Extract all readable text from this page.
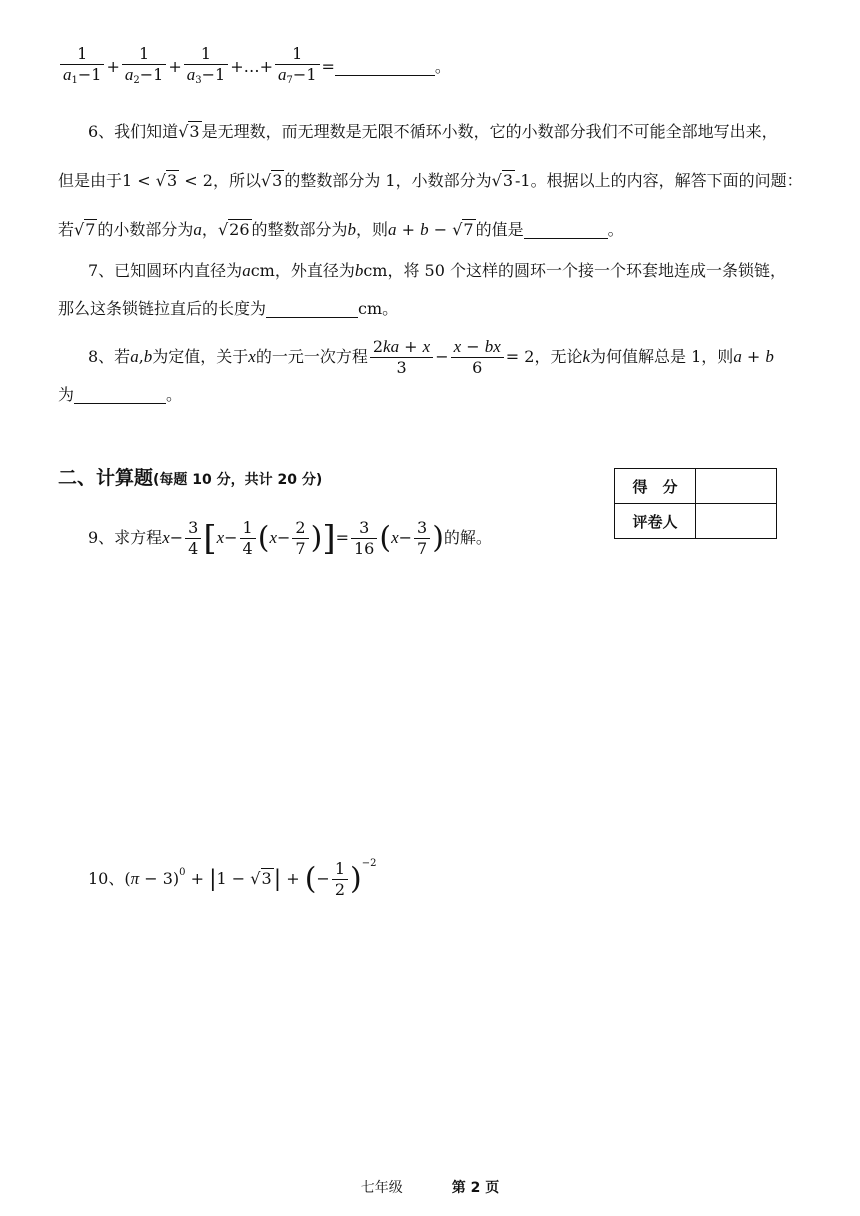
$\frac{1}{a_1-1} + \frac{1}{a_2-1} + \frac{1}{a_3-1}$ +…+ $\frac{1}{a_7-1}$ =	。
6、我们知道√3 是无理数，而无理数是无限不循环小数，它的小数部分我们不可能全部地写出来，
但是由于1 < √3 < 2，所以√3 的整数部分为 1，小数部分为√3 -1。根据以上的内容，解答下面的问题：
若√7 的小数部分为a，√26 的整数部分为b，则a + b − √7 的值是	。
7、已知圆环内直径为acm，外直径为bcm，将 50 个这样的圆环一个接一个环套地连成一条锁链，
那么这条锁链拉直后的长度为	cm。
8、若a,b为定值，关于x的一元一次方程 $\frac{2ka + x}{3} - \frac{x - bx}{6} = 2$，无论k为何值解总是 1，则a + b
为	。
二、计算题(每题 10 分，共计 20 分)	得　分	
评卷人	
9、求方程$x- \frac{3}{4} [x- \frac{1}{4} (x- \frac{2}{7}$ )]= $\frac{3}{16} (x- \frac{3}{7}$ )的解。
10、$(\pi - 3)^0 + |1 - √3|$ + (− $\frac{1}{2} )^{-2}$
七年级	第 2 页
